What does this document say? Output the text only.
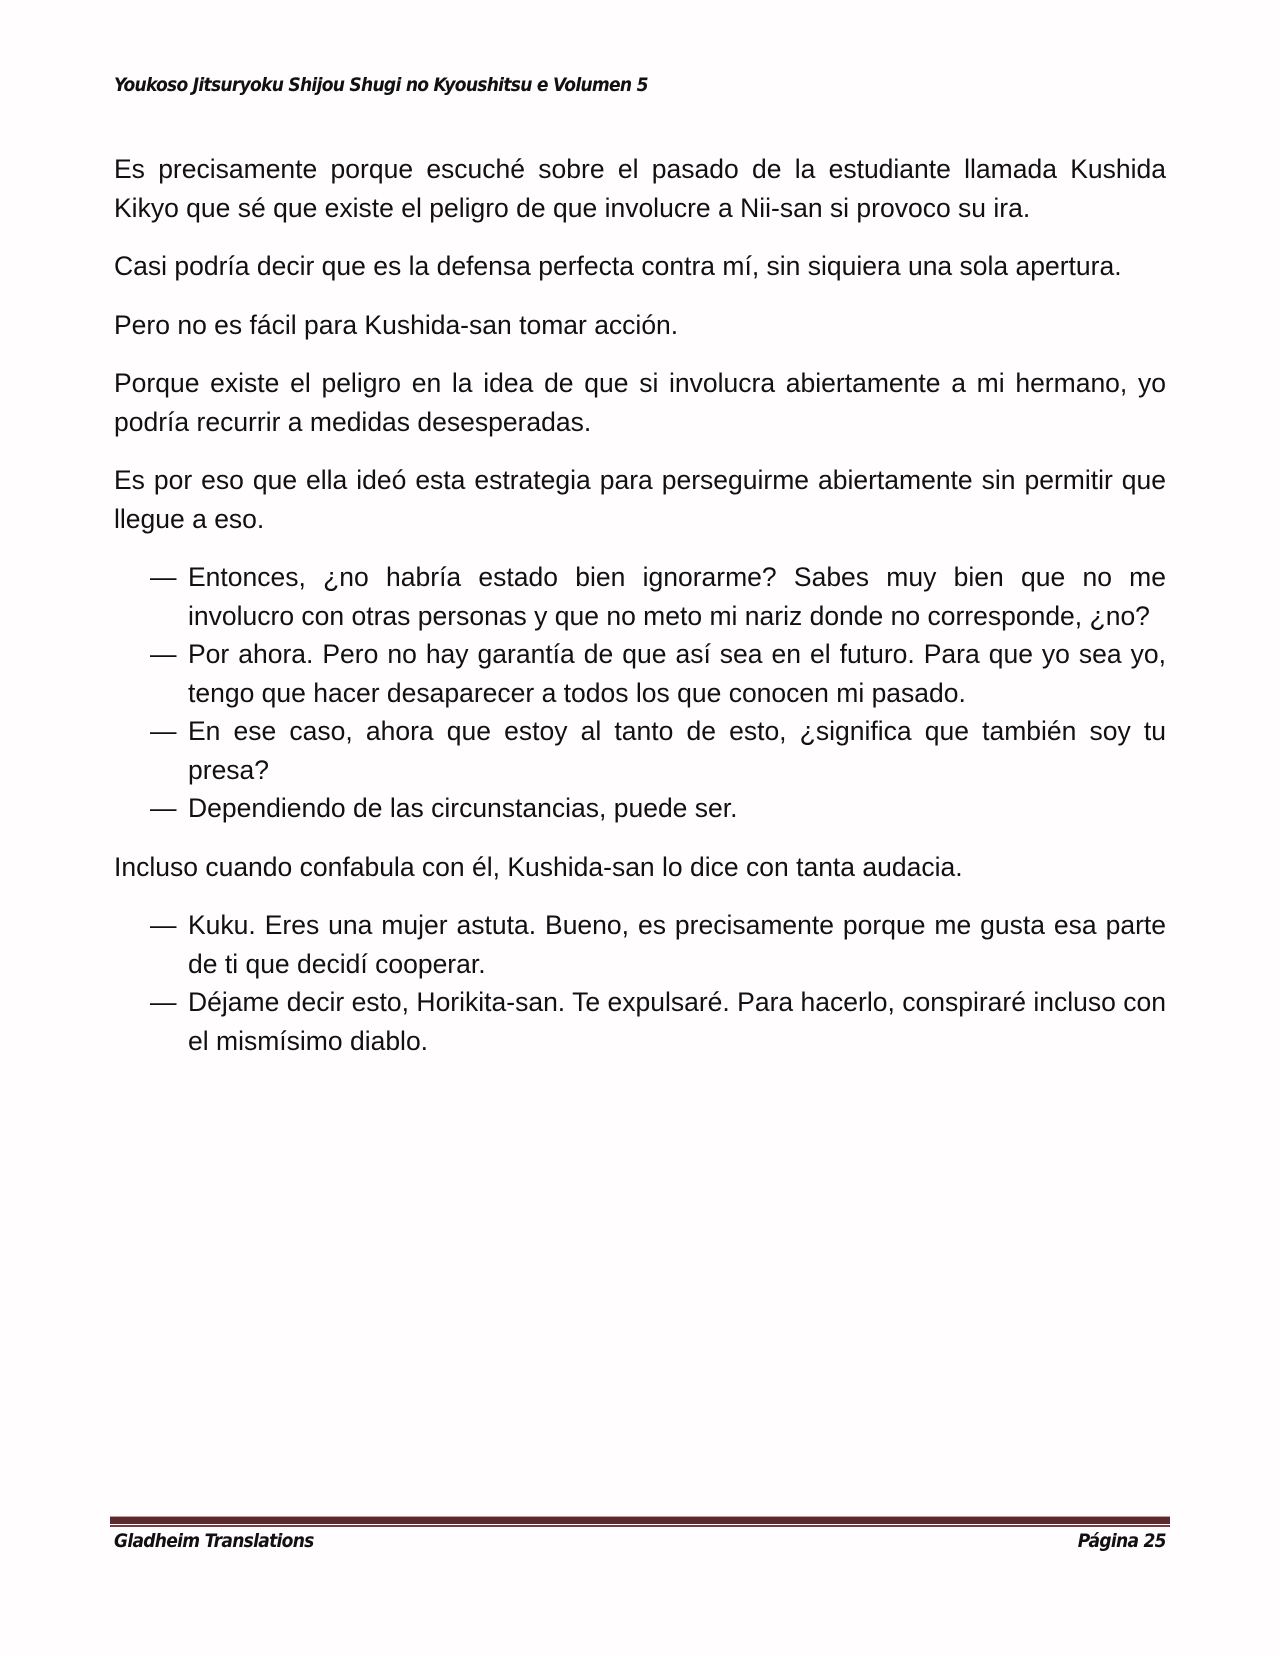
Youkoso Jitsuryoku Shijou Shugi no Kyoushitsu e Volumen 5

Es precisamente porque escuché sobre el pasado de la estudiante llamada Kushida Kikyo que sé que existe el peligro de que involucre a Nii-san si provoco su ira.

Casi podría decir que es la defensa perfecta contra mí, sin siquiera una sola apertura.

Pero no es fácil para Kushida-san tomar acción.

Porque existe el peligro en la idea de que si involucra abiertamente a mi hermano, yo podría recurrir a medidas desesperadas.

Es por eso que ella ideó esta estrategia para perseguirme abiertamente sin permitir que llegue a eso.

— Entonces, ¿no habría estado bien ignorarme? Sabes muy bien que no me involucro con otras personas y que no meto mi nariz donde no corresponde, ¿no?
— Por ahora. Pero no hay garantía de que así sea en el futuro. Para que yo sea yo, tengo que hacer desaparecer a todos los que conocen mi pasado.
— En ese caso, ahora que estoy al tanto de esto, ¿significa que también soy tu presa?
— Dependiendo de las circunstancias, puede ser.

Incluso cuando confabula con él, Kushida-san lo dice con tanta audacia.

— Kuku. Eres una mujer astuta. Bueno, es precisamente porque me gusta esa parte de ti que decidí cooperar.
— Déjame decir esto, Horikita-san. Te expulsaré. Para hacerlo, conspiraré incluso con el mismísimo diablo.
Gladheim Translations	Página 25
